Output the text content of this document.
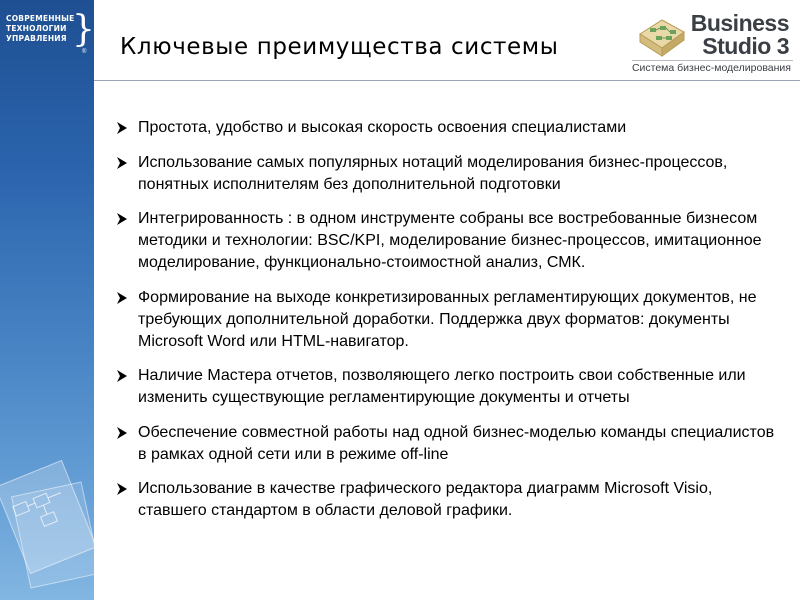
СОВРЕМЕННЫЕ
ТЕХНОЛОГИИ
УПРАВЛЕНИЯ }
® Ключевые преимущества системы
Business
Studio 3
Система бизнес-моделирования
Простота, удобство и высокая скорость освоения специалистами
Использование самых популярных нотаций моделирования бизнес-процессов, понятных исполнителям без дополнительной подготовки
Интегрированность : в одном инструменте собраны все востребованные бизнесом методики и технологии: BSC/KPI, моделирование бизнес-процессов, имитационное моделирование, функционально-стоимостной анализ, СМК.
Формирование на выходе конкретизированных регламентирующих документов, не требующих дополнительной доработки. Поддержка двух форматов: документы Microsoft Word или HTML-навигатор.
Наличие Мастера отчетов, позволяющего легко построить свои собственные или изменить существующие регламентирующие документы и отчеты
Обеспечение совместной работы над одной бизнес-моделью команды специалистов в рамках одной сети или в режиме off-line
Использование в качестве графического редактора диаграмм Microsoft Visio, ставшего стандартом в области деловой графики.
